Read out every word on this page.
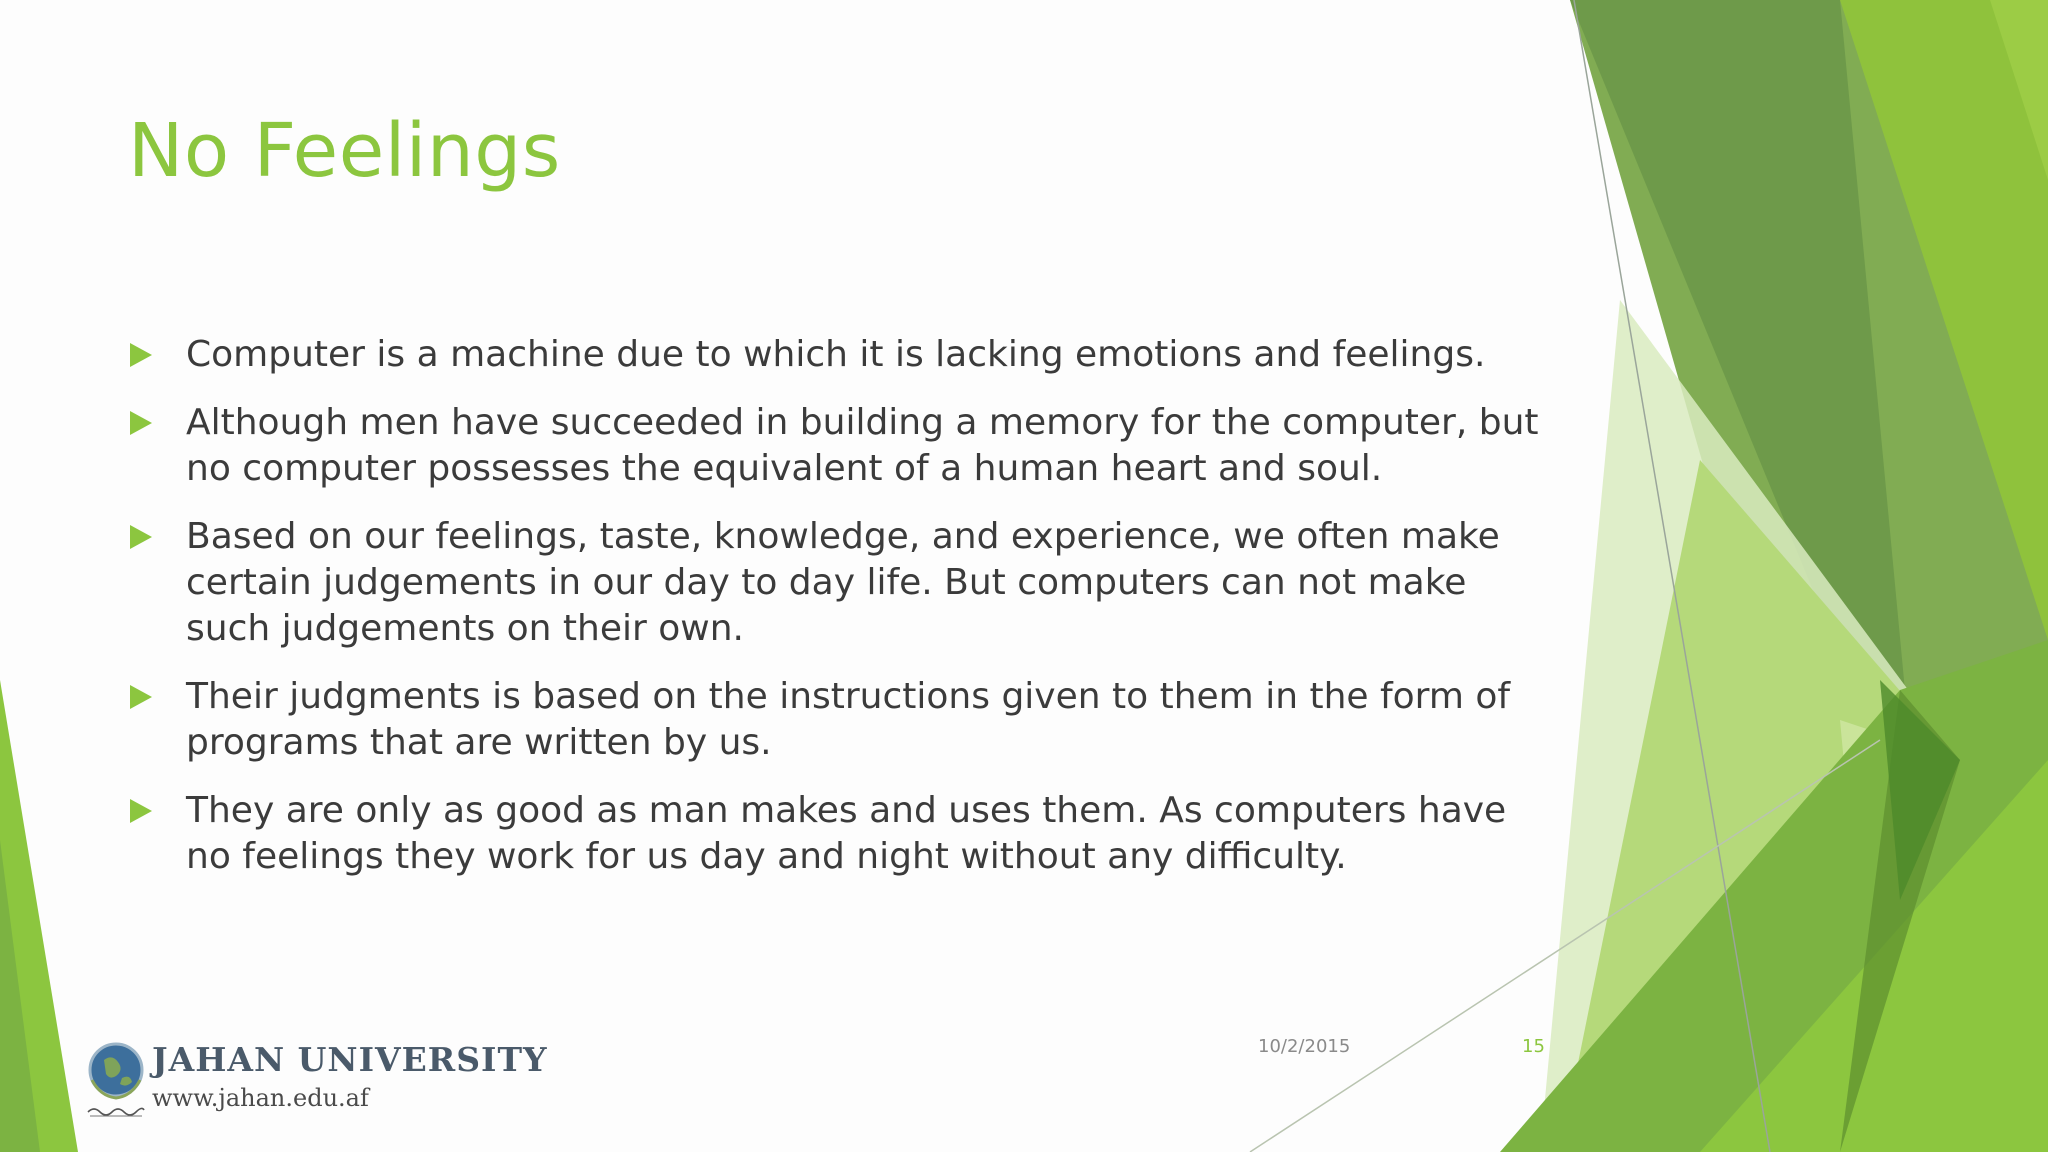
No Feelings
Computer is a machine due to which it is lacking emotions and feelings.
Although men have succeeded in building a memory for the computer, but no computer possesses the equivalent of a human heart and soul.
Based on our feelings, taste, knowledge, and experience, we often make certain judgements in our day to day life. But computers can not make such judgements on their own.
Their judgments is based on the instructions given to them in the form of programs that are written by us.
They are only as good as man makes and uses them. As computers have no feelings they work for us day and night without any difficulty.
JAHAN UNIVERSITY
www.jahan.edu.af
10/2/2015	15
